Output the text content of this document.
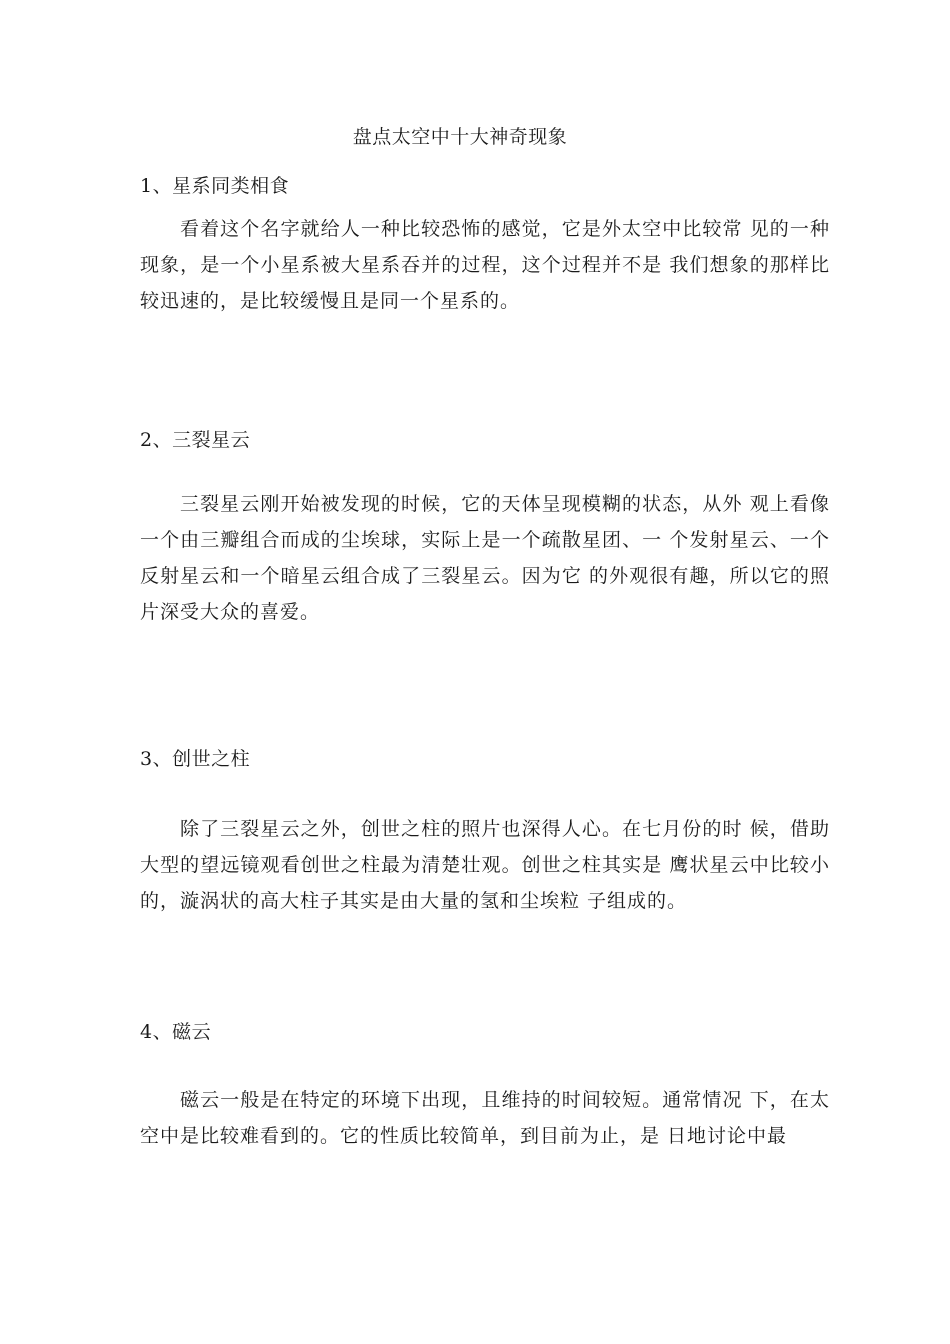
盘点太空中十大神奇现象
1、星系同类相食
看着这个名字就给人一种比较恐怖的感觉，它是外太空中比较常 见的一种现象，是一个小星系被大星系吞并的过程，这个过程并不是 我们想象的那样比较迅速的，是比较缓慢且是同一个星系的。
2、三裂星云
三裂星云刚开始被发现的时候，它的天体呈现模糊的状态，从外 观上看像一个由三瓣组合而成的尘埃球，实际上是一个疏散星团、一 个发射星云、一个反射星云和一个暗星云组合成了三裂星云。因为它 的外观很有趣，所以它的照片深受大众的喜爱。
3、创世之柱
除了三裂星云之外，创世之柱的照片也深得人心。在七月份的时 候，借助大型的望远镜观看创世之柱最为清楚壮观。创世之柱其实是 鹰状星云中比较小的，漩涡状的高大柱子其实是由大量的氢和尘埃粒 子组成的。
4、磁云
磁云一般是在特定的环境下出现，且维持的时间较短。通常情况 下，在太空中是比较难看到的。它的性质比较简单，到目前为止，是 日地讨论中最
